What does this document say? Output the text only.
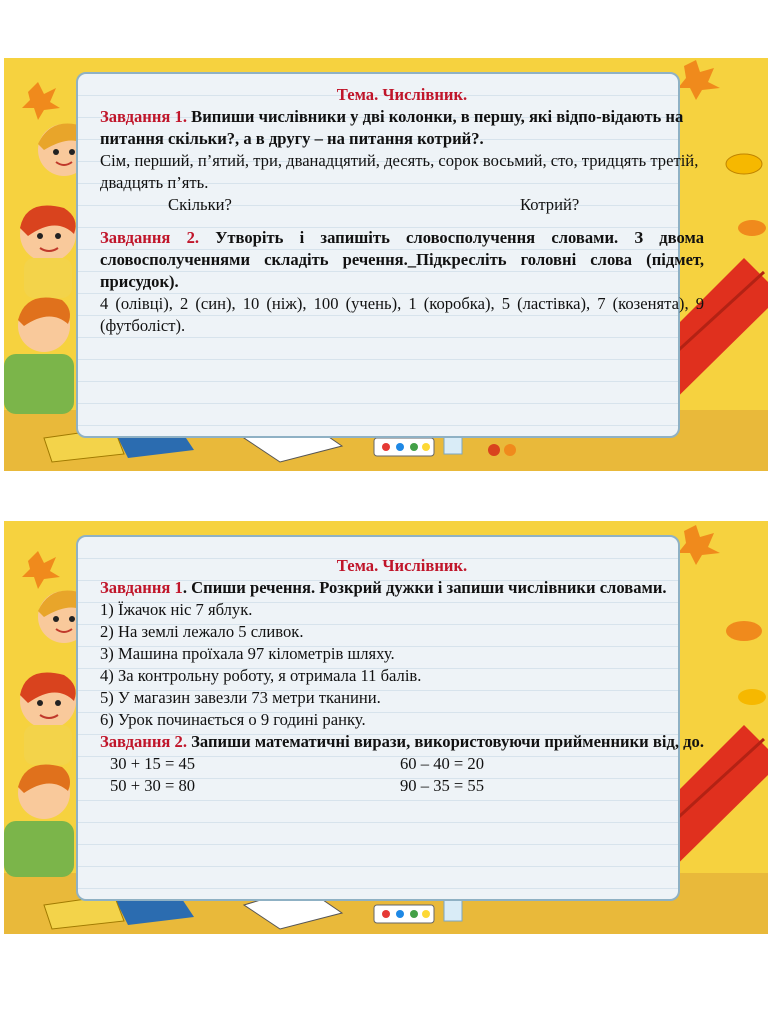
Тема. Числівник.

Завдання 1. Випиши числівники у дві колонки, в першу, які відпо-відають на питання скільки?, а в другу – на питання котрий?.

Сім, перший, п’ятий, три, дванадцятий, десять, сорок восьмий, сто, тридцять третій, двадцять п’ять.

Скільки?	Котрий?

Завдання 2. Утворіть і запишіть словосполучення словами. З двома словосполученнями складіть речення._Підкресліть головні слова (підмет, присудок).

4 (олівці), 2 (син), 10 (ніж), 100 (учень), 1 (коробка), 5 (ластівка), 7 (козенята), 9 (футболіст).

Тема. Числівник.

Завдання 1. Спиши речення. Розкрий дужки і запиши числівники словами.

1) Їжачок ніс 7 яблук.

2) На землі лежало 5 сливок.

3) Машина проїхала 97 кілометрів шляху.

4) За контрольну роботу, я отримала 11 балів.

5) У магазин завезли 73 метри тканини.

6) Урок починається о 9 годині ранку.

Завдання 2. Запиши математичні вирази, використовуючи прийменники від, до.

30 + 15 = 45	60 – 40 = 20
50 + 30 = 80	90 – 35 = 55
